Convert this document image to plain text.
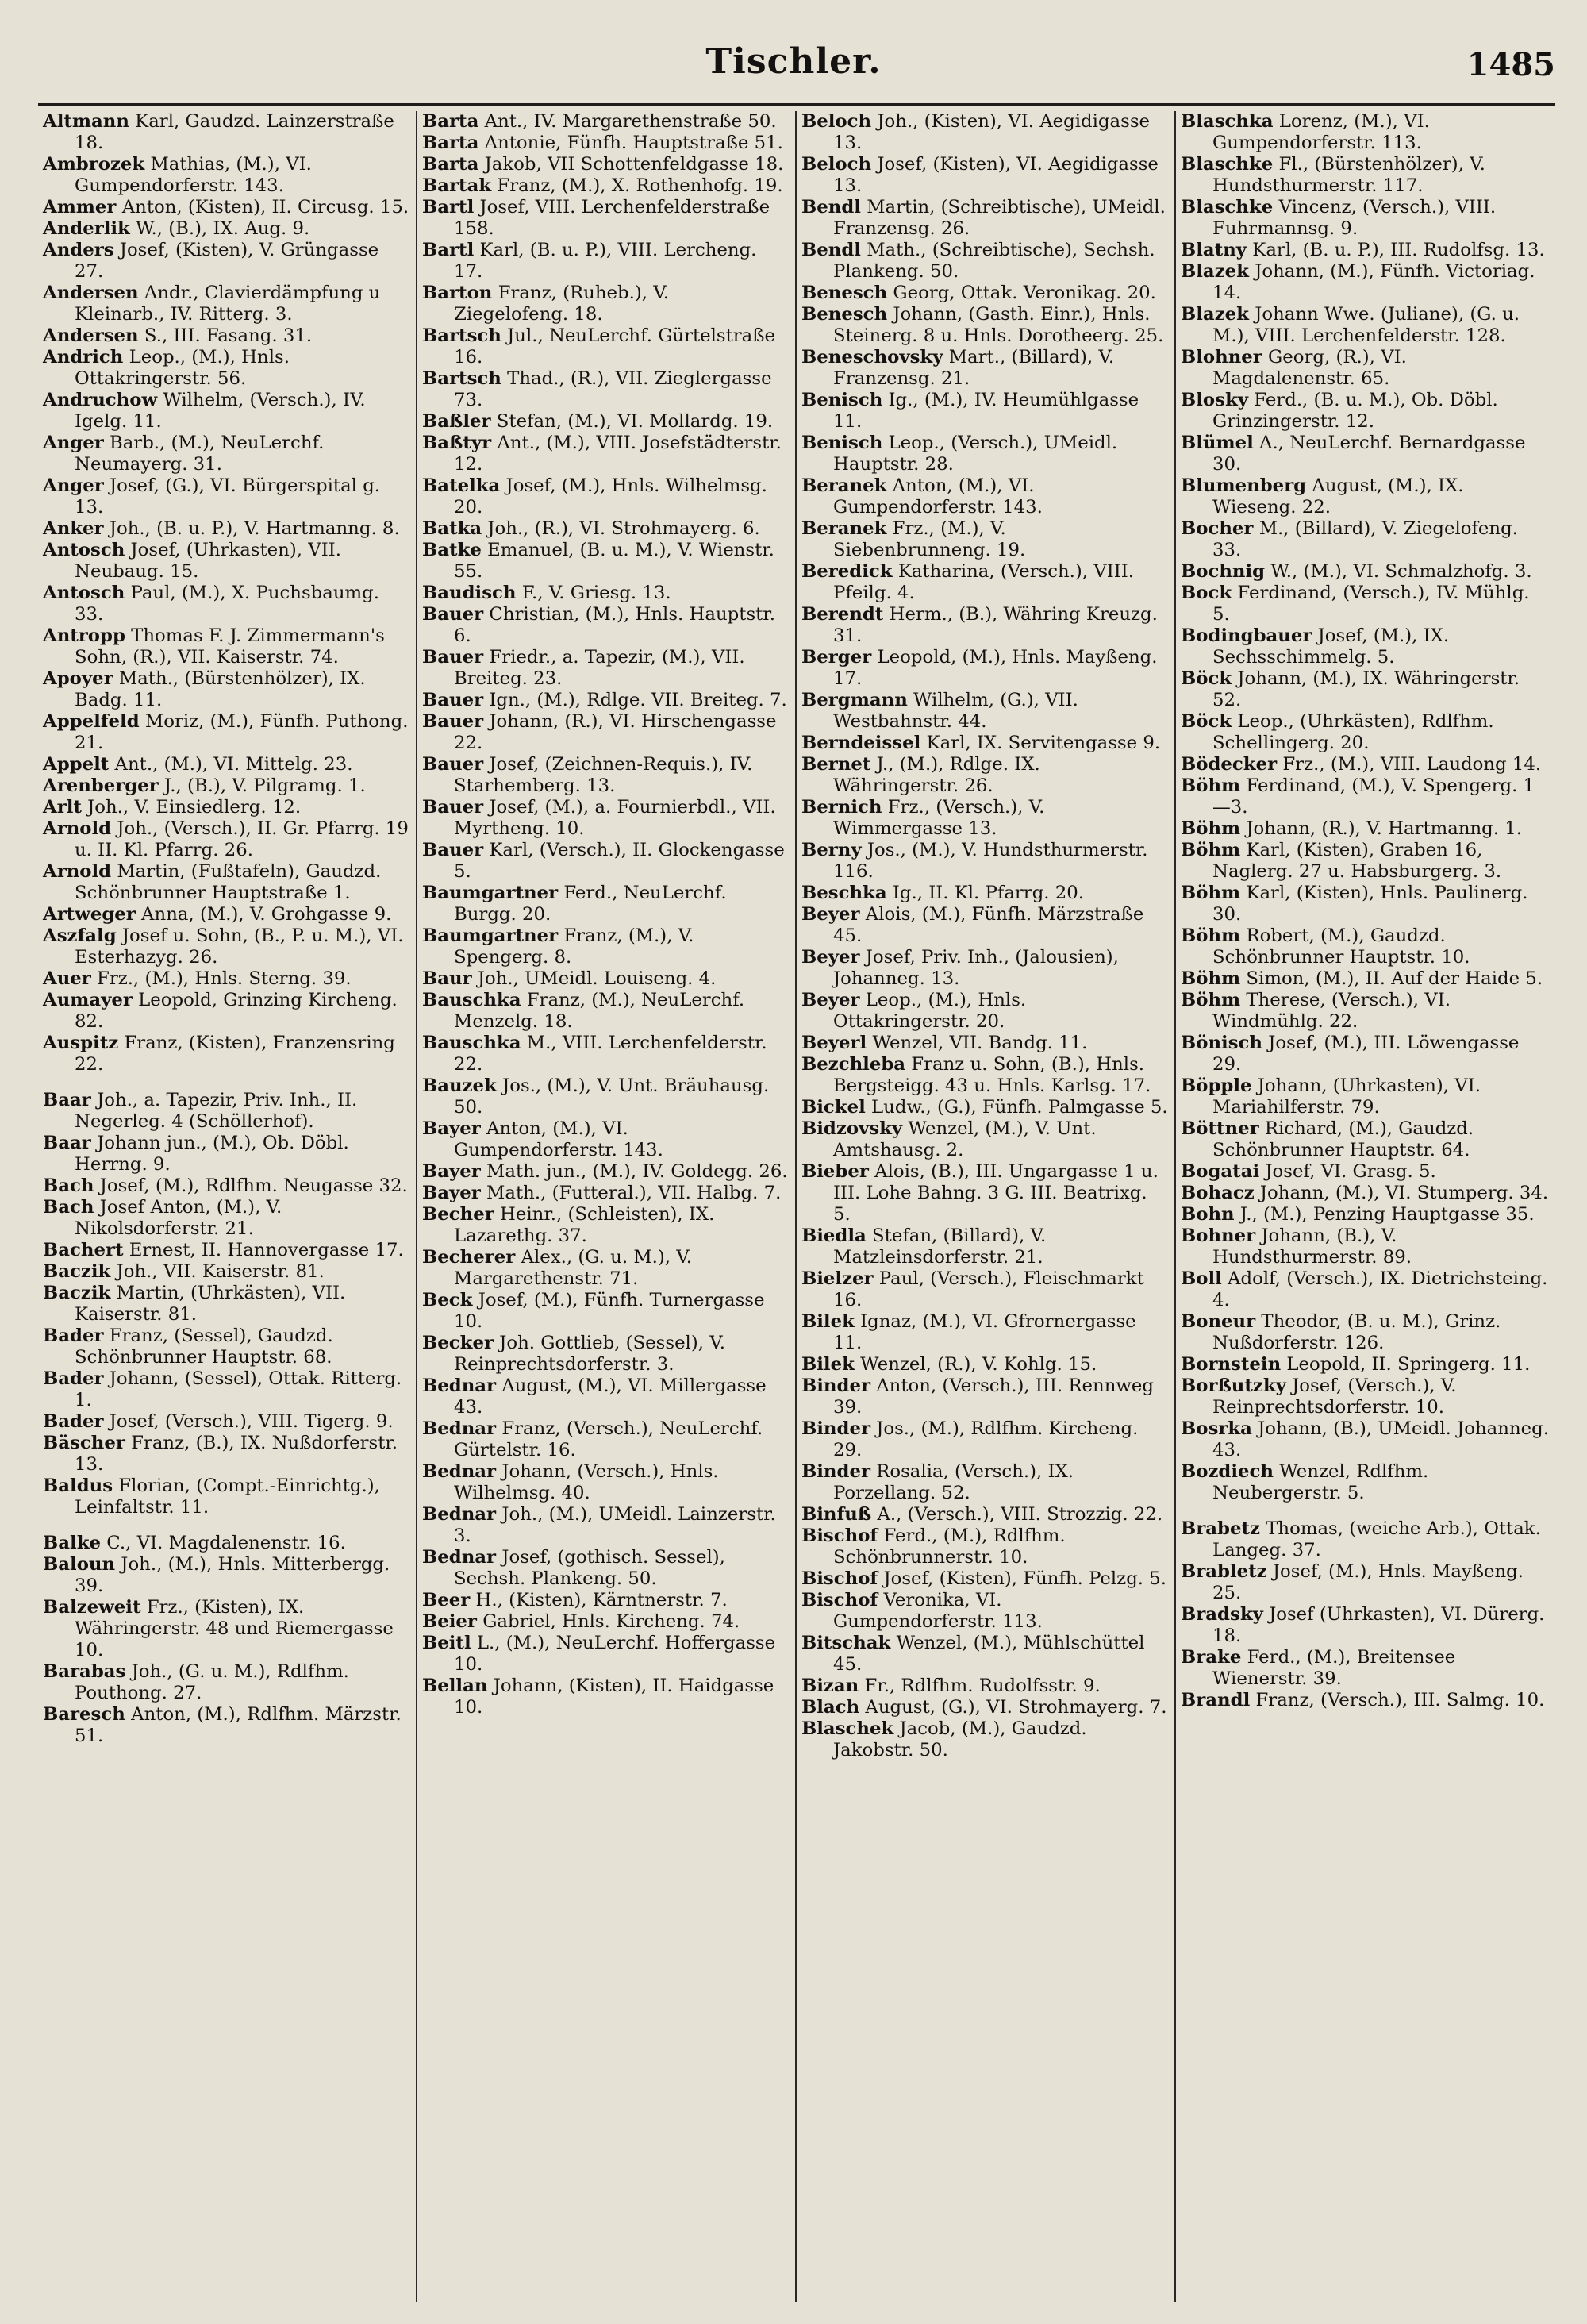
Tischler.	1485
Altmann Karl, Gaudzd. Lainzerstraße 18.
Ambrozek Mathias, (M.), VI. Gumpendorferstr. 143.
Ammer Anton, (Kisten), II. Circusg. 15.
Anderlik W., (B.), IX. Aug. 9.
Anders Josef, (Kisten), V. Grüngasse 27.
Andersen Andr., Clavierdämpfung u Kleinarb., IV. Ritterg. 3.
Andersen S., III. Fasang. 31.
Andrich Leop., (M.), Hnls. Ottakringerstr. 56.
Andruchow Wilhelm, (Versch.), IV. Igelg. 11.
Anger Barb., (M.), NeuLerchf. Neumayerg. 31.
Anger Josef, (G.), VI. Bürgerspital g. 13.
Anker Joh., (B. u. P.), V. Hartmanng. 8.
Antosch Josef, (Uhrkasten), VII. Neubaug. 15.
Antosch Paul, (M.), X. Puchsbaumg. 33.
Antropp Thomas F. J. Zimmermann's Sohn, (R.), VII. Kaiserstr. 74.
Apoyer Math., (Bürstenhölzer), IX. Badg. 11.
Appelfeld Moriz, (M.), Fünfh. Puthong. 21.
Appelt Ant., (M.), VI. Mittelg. 23.
Arenberger J., (B.), V. Pilgramg. 1.
Arlt Joh., V. Einsiedlerg. 12.
Arnold Joh., (Versch.), II. Gr. Pfarrg. 19 u. II. Kl. Pfarrg. 26.
Arnold Martin, (Fußtafeln), Gaudzd. Schönbrunner Hauptstraße 1.
Artweger Anna, (M.), V. Grohgasse 9.
Aszfalg Josef u. Sohn, (B., P. u. M.), VI. Esterhazyg. 26.
Auer Frz., (M.), Hnls. Sterng. 39.
Aumayer Leopold, Grinzing Kircheng. 82.
Auspitz Franz, (Kisten), Franzensring 22.
Baar Joh., a. Tapezir, Priv. Inh., II. Negerleg. 4 (Schöllerhof).
Baar Johann jun., (M.), Ob. Döbl. Herrng. 9.
Bach Josef, (M.), Rdlfhm. Neugasse 32.
Bach Josef Anton, (M.), V. Nikolsdorferstr. 21.
Bachert Ernest, II. Hannovergasse 17.
Baczik Joh., VII. Kaiserstr. 81.
Baczik Martin, (Uhrkästen), VII. Kaiserstr. 81.
Bader Franz, (Sessel), Gaudzd. Schönbrunner Hauptstr. 68.
Bader Johann, (Sessel), Ottak. Ritterg. 1.
Bader Josef, (Versch.), VIII. Tigerg. 9.
Bäscher Franz, (B.), IX. Nußdorferstr. 13.
Baldus Florian, (Compt.-Einrichtg.), Leinfaltstr. 11.
Balke C., VI. Magdalenenstr. 16.
Baloun Joh., (M.), Hnls. Mitterbergg. 39.
Balzeweit Frz., (Kisten), IX. Währingerstr. 48 und Riemergasse 10.
Barabas Joh., (G. u. M.), Rdlfhm. Pouthong. 27.
Baresch Anton, (M.), Rdlfhm. Märzstr. 51.
Barta Ant., IV. Margarethenstraße 50.
Barta Antonie, Fünfh. Hauptstraße 51.
Barta Jakob, VII Schottenfeldgasse 18.
Bartak Franz, (M.), X. Rothenhofg. 19.
Bartl Josef, VIII. Lerchenfelderstraße 158.
Bartl Karl, (B. u. P.), VIII. Lercheng. 17.
Barton Franz, (Ruheb.), V. Ziegelofeng. 18.
Bartsch Jul., NeuLerchf. Gürtelstraße 16.
Bartsch Thad., (R.), VII. Zieglergasse 73.
Baßler Stefan, (M.), VI. Mollardg. 19.
Baßtyr Ant., (M.), VIII. Josefstädterstr. 12.
Batelka Josef, (M.), Hnls. Wilhelmsg. 20.
Batka Joh., (R.), VI. Strohmayerg. 6.
Batke Emanuel, (B. u. M.), V. Wienstr. 55.
Baudisch F., V. Griesg. 13.
Bauer Christian, (M.), Hnls. Hauptstr. 6.
Bauer Friedr., a. Tapezir, (M.), VII. Breiteg. 23.
Bauer Ign., (M.), Rdlge. VII. Breiteg. 7.
Bauer Johann, (R.), VI. Hirschengasse 22.
Bauer Josef, (Zeichnen-Requis.), IV. Starhemberg. 13.
Bauer Josef, (M.), a. Fournierbdl., VII. Myrtheng. 10.
Bauer Karl, (Versch.), II. Glockengasse 5.
Baumgartner Ferd., NeuLerchf. Burgg. 20.
Baumgartner Franz, (M.), V. Spengerg. 8.
Baur Joh., UMeidl. Louiseng. 4.
Bauschka Franz, (M.), NeuLerchf. Menzelg. 18.
Bauschka M., VIII. Lerchenfelderstr. 22.
Bauzek Jos., (M.), V. Unt. Bräuhausg. 50.
Bayer Anton, (M.), VI. Gumpendorferstr. 143.
Bayer Math. jun., (M.), IV. Goldegg. 26.
Bayer Math., (Futteral.), VII. Halbg. 7.
Becher Heinr., (Schleisten), IX. Lazarethg. 37.
Becherer Alex., (G. u. M.), V. Margarethenstr. 71.
Beck Josef, (M.), Fünfh. Turnergasse 10.
Becker Joh. Gottlieb, (Sessel), V. Reinprechtsdorferstr. 3.
Bednar August, (M.), VI. Millergasse 43.
Bednar Franz, (Versch.), NeuLerchf. Gürtelstr. 16.
Bednar Johann, (Versch.), Hnls. Wilhelmsg. 40.
Bednar Joh., (M.), UMeidl. Lainzerstr. 3.
Bednar Josef, (gothisch. Sessel), Sechsh. Plankeng. 50.
Beer H., (Kisten), Kärntnerstr. 7.
Beier Gabriel, Hnls. Kircheng. 74.
Beitl L., (M.), NeuLerchf. Hoffergasse 10.
Bellan Johann, (Kisten), II. Haidgasse 10.
Beloch Joh., (Kisten), VI. Aegidigasse 13.
Beloch Josef, (Kisten), VI. Aegidigasse 13.
Bendl Martin, (Schreibtische), UMeidl. Franzensg. 26.
Bendl Math., (Schreibtische), Sechsh. Plankeng. 50.
Benesch Georg, Ottak. Veronikag. 20.
Benesch Johann, (Gasth. Einr.), Hnls. Steinerg. 8 u. Hnls. Dorotheerg. 25.
Beneschovsky Mart., (Billard), V. Franzensg. 21.
Benisch Ig., (M.), IV. Heumühlgasse 11.
Benisch Leop., (Versch.), UMeidl. Hauptstr. 28.
Beranek Anton, (M.), VI. Gumpendorferstr. 143.
Beranek Frz., (M.), V. Siebenbrunneng. 19.
Beredick Katharina, (Versch.), VIII. Pfeilg. 4.
Berendt Herm., (B.), Währing Kreuzg. 31.
Berger Leopold, (M.), Hnls. Mayßeng. 17.
Bergmann Wilhelm, (G.), VII. Westbahnstr. 44.
Berndeissel Karl, IX. Servitengasse 9.
Bernet J., (M.), Rdlge. IX. Währingerstr. 26.
Bernich Frz., (Versch.), V. Wimmergasse 13.
Berny Jos., (M.), V. Hundsthurmerstr. 116.
Beschka Ig., II. Kl. Pfarrg. 20.
Beyer Alois, (M.), Fünfh. Märzstraße 45.
Beyer Josef, Priv. Inh., (Jalousien), Johanneg. 13.
Beyer Leop., (M.), Hnls. Ottakringerstr. 20.
Beyerl Wenzel, VII. Bandg. 11.
Bezchleba Franz u. Sohn, (B.), Hnls. Bergsteigg. 43 u. Hnls. Karlsg. 17.
Bickel Ludw., (G.), Fünfh. Palmgasse 5.
Bidzovsky Wenzel, (M.), V. Unt. Amtshausg. 2.
Bieber Alois, (B.), III. Ungargasse 1 u. III. Lohe Bahng. 3 G. III. Beatrixg. 5.
Biedla Stefan, (Billard), V. Matzleinsdorferstr. 21.
Bielzer Paul, (Versch.), Fleischmarkt 16.
Bilek Ignaz, (M.), VI. Gfrornergasse 11.
Bilek Wenzel, (R.), V. Kohlg. 15.
Binder Anton, (Versch.), III. Rennweg 39.
Binder Jos., (M.), Rdlfhm. Kircheng. 29.
Binder Rosalia, (Versch.), IX. Porzellang. 52.
Binfuß A., (Versch.), VIII. Strozzig. 22.
Bischof Ferd., (M.), Rdlfhm. Schönbrunnerstr. 10.
Bischof Josef, (Kisten), Fünfh. Pelzg. 5.
Bischof Veronika, VI. Gumpendorferstr. 113.
Bitschak Wenzel, (M.), Mühlschüttel 45.
Bizan Fr., Rdlfhm. Rudolfsstr. 9.
Blach August, (G.), VI. Strohmayerg. 7.
Blaschek Jacob, (M.), Gaudzd. Jakobstr. 50.
Blaschka Lorenz, (M.), VI. Gumpendorferstr. 113.
Blaschke Fl., (Bürstenhölzer), V. Hundsthurmerstr. 117.
Blaschke Vincenz, (Versch.), VIII. Fuhrmannsg. 9.
Blatny Karl, (B. u. P.), III. Rudolfsg. 13.
Blazek Johann, (M.), Fünfh. Victoriag. 14.
Blazek Johann Wwe. (Juliane), (G. u. M.), VIII. Lerchenfelderstr. 128.
Blohner Georg, (R.), VI. Magdalenenstr. 65.
Blosky Ferd., (B. u. M.), Ob. Döbl. Grinzingerstr. 12.
Blümel A., NeuLerchf. Bernardgasse 30.
Blumenberg August, (M.), IX. Wieseng. 22.
Bocher M., (Billard), V. Ziegelofeng. 33.
Bochnig W., (M.), VI. Schmalzhofg. 3.
Bock Ferdinand, (Versch.), IV. Mühlg. 5.
Bodingbauer Josef, (M.), IX. Sechsschimmelg. 5.
Böck Johann, (M.), IX. Währingerstr. 52.
Böck Leop., (Uhrkästen), Rdlfhm. Schellingerg. 20.
Bödecker Frz., (M.), VIII. Laudong 14.
Böhm Ferdinand, (M.), V. Spengerg. 1—3.
Böhm Johann, (R.), V. Hartmanng. 1.
Böhm Karl, (Kisten), Graben 16, Naglerg. 27 u. Habsburgerg. 3.
Böhm Karl, (Kisten), Hnls. Paulinerg. 30.
Böhm Robert, (M.), Gaudzd. Schönbrunner Hauptstr. 10.
Böhm Simon, (M.), II. Auf der Haide 5.
Böhm Therese, (Versch.), VI. Windmühlg. 22.
Bönisch Josef, (M.), III. Löwengasse 29.
Böpple Johann, (Uhrkasten), VI. Mariahilferstr. 79.
Böttner Richard, (M.), Gaudzd. Schönbrunner Hauptstr. 64.
Bogatai Josef, VI. Grasg. 5.
Bohacz Johann, (M.), VI. Stumperg. 34.
Bohn J., (M.), Penzing Hauptgasse 35.
Bohner Johann, (B.), V. Hundsthurmerstr. 89.
Boll Adolf, (Versch.), IX. Dietrichsteing. 4.
Boneur Theodor, (B. u. M.), Grinz. Nußdorferstr. 126.
Bornstein Leopold, II. Springerg. 11.
Borßutzky Josef, (Versch.), V. Reinprechtsdorferstr. 10.
Bosrka Johann, (B.), UMeidl. Johanneg. 43.
Bozdiech Wenzel, Rdlfhm. Neubergerstr. 5.
Brabetz Thomas, (weiche Arb.), Ottak. Langeg. 37.
Brabletz Josef, (M.), Hnls. Mayßeng. 25.
Bradsky Josef (Uhrkasten), VI. Dürerg. 18.
Brake Ferd., (M.), Breitensee Wienerstr. 39.
Brandl Franz, (Versch.), III. Salmg. 10.
